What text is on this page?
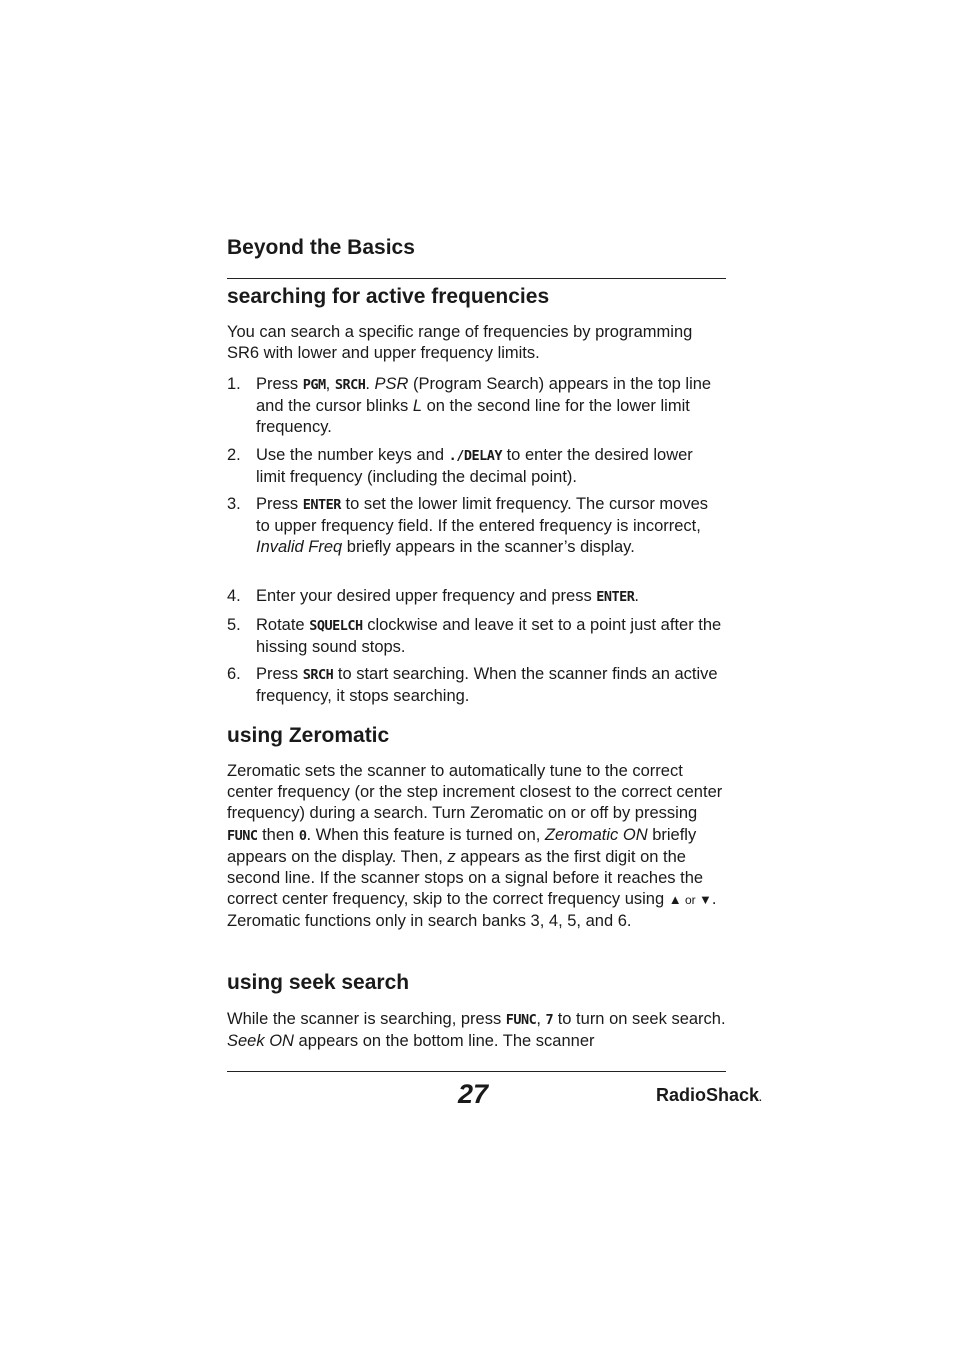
Beyond the Basics
searching for active frequencies

You can search a specific range of frequencies by programming SR6 with lower and upper frequency limits.

1. Press PGM, SRCH. PSR (Program Search) appears in the top line and the cursor blinks L on the second line for the lower limit frequency.
2. Use the number keys and ./DELAY to enter the desired lower limit frequency (including the decimal point).
3. Press ENTER to set the lower limit frequency. The cursor moves to upper frequency field. If the entered frequency is incorrect, Invalid Freq briefly appears in the scanner’s display.
4. Enter your desired upper frequency and press ENTER.
5. Rotate SQUELCH clockwise and leave it set to a point just after the hissing sound stops.
6. Press SRCH to start searching. When the scanner finds an active frequency, it stops searching.
using Zeromatic

Zeromatic sets the scanner to automatically tune to the correct center frequency (or the step increment closest to the correct center frequency) during a search. Turn Zeromatic on or off by pressing FUNC then 0. When this feature is turned on, Zeromatic ON briefly appears on the display. Then, z appears as the first digit on the second line. If the scanner stops on a signal before it reaches the correct center frequency, skip to the correct frequency using ▲ or ▼. Zeromatic functions only in search banks 3, 4, 5, and 6.

using seek search

While the scanner is searching, press FUNC, 7 to turn on seek search. Seek ON appears on the bottom line. The scanner

27	RadioShack.
